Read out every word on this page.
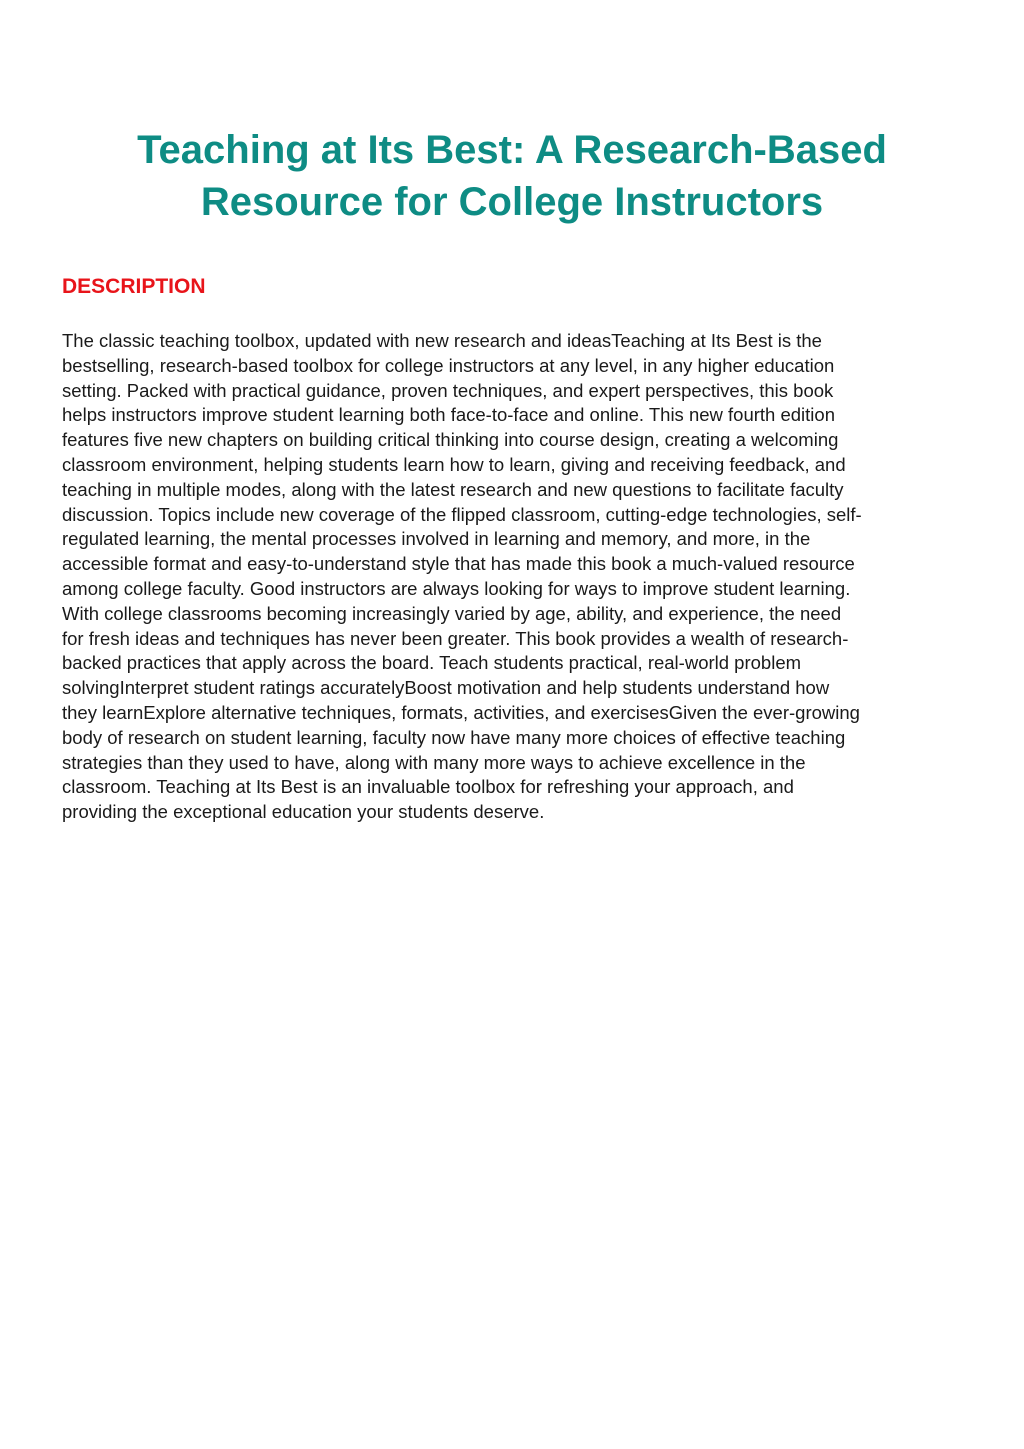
Teaching at Its Best: A Research-Based
Resource for College Instructors
DESCRIPTION
The classic teaching toolbox, updated with new research and ideasTeaching at Its Best is the
bestselling, research-based toolbox for college instructors at any level, in any higher education
setting. Packed with practical guidance, proven techniques, and expert perspectives, this book
helps instructors improve student learning both face-to-face and online. This new fourth edition
features five new chapters on building critical thinking into course design, creating a welcoming
classroom environment, helping students learn how to learn, giving and receiving feedback, and
teaching in multiple modes, along with the latest research and new questions to facilitate faculty
discussion. Topics include new coverage of the flipped classroom, cutting-edge technologies, self-
regulated learning, the mental processes involved in learning and memory, and more, in the
accessible format and easy-to-understand style that has made this book a much-valued resource
among college faculty. Good instructors are always looking for ways to improve student learning.
With college classrooms becoming increasingly varied by age, ability, and experience, the need
for fresh ideas and techniques has never been greater. This book provides a wealth of research-
backed practices that apply across the board. Teach students practical, real-world problem
solvingInterpret student ratings accuratelyBoost motivation and help students understand how
they learnExplore alternative techniques, formats, activities, and exercisesGiven the ever-growing
body of research on student learning, faculty now have many more choices of effective teaching
strategies than they used to have, along with many more ways to achieve excellence in the
classroom. Teaching at Its Best is an invaluable toolbox for refreshing your approach, and
providing the exceptional education your students deserve.
